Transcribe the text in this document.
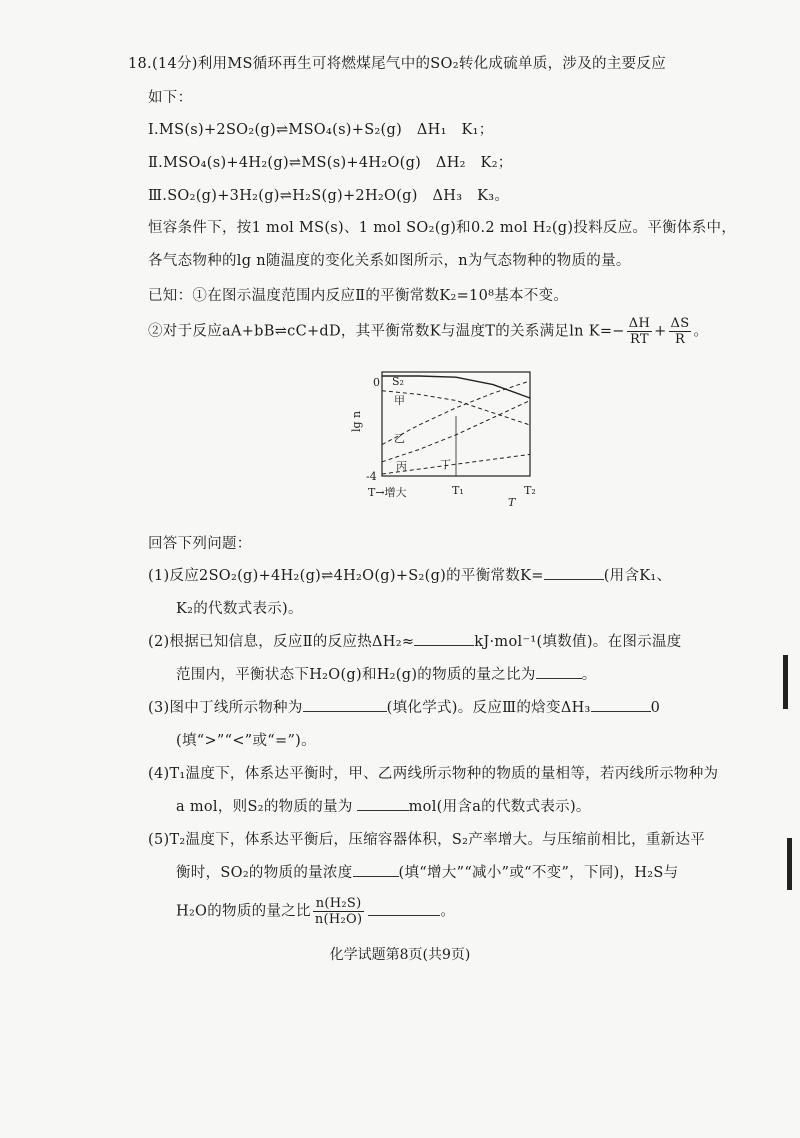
18.(14分)利用MS循环再生可将燃煤尾气中的SO₂转化成硫单质，涉及的主要反应
如下：
Ⅰ.MS(s)+2SO₂(g)⇌MSO₄(s)+S₂(g)　ΔH₁　K₁；
Ⅱ.MSO₄(s)+4H₂(g)⇌MS(s)+4H₂O(g)　ΔH₂　K₂；
Ⅲ.SO₂(g)+3H₂(g)⇌H₂S(g)+2H₂O(g)　ΔH₃　K₃。
恒容条件下，按1 mol MS(s)、1 mol SO₂(g)和0.2 mol H₂(g)投料反应。平衡体系中，
各气态物种的lg n随温度的变化关系如图所示，n为气态物种的物质的量。
已知：①在图示温度范围内反应Ⅱ的平衡常数K₂=10⁸基本不变。
②对于反应aA+bB⇌cC+dD，其平衡常数K与温度T的关系满足$\ln K=- \frac{\Delta H}{RT} + \frac{\Delta S}{R}$ 。
0
-4
lg n
T→增大	T₁	T₂
T
S₂
甲
乙
丙	丁
回答下列问题：
(1)反应2SO₂(g)+4H₂(g)⇌4H₂O(g)+S₂(g)的平衡常数K=	(用含K₁、
K₂的代数式表示)。
(2)根据已知信息，反应Ⅱ的反应热ΔH₂≈	kJ·mol⁻¹(填数值)。在图示温度
范围内，平衡状态下H₂O(g)和H₂(g)的物质的量之比为	。
(3)图中丁线所示物种为	(填化学式)。反应Ⅲ的焓变ΔH₃	0
(填“>”“<”或“=”)。
(4)T₁温度下，体系达平衡时，甲、乙两线所示物种的物质的量相等，若丙线所示物种为
a mol，则S₂的物质的量为	mol(用含a的代数式表示)。
(5)T₂温度下，体系达平衡后，压缩容器体积，S₂产率增大。与压缩前相比，重新达平
衡时，SO₂的物质的量浓度	(填“增大”“减小”或“不变”，下同)，H₂S与
H₂O的物质的量之比 $\frac{\text{n(H₂S)}}{\text{n(H₂O)}}$	。
化学试题第8页(共9页)
